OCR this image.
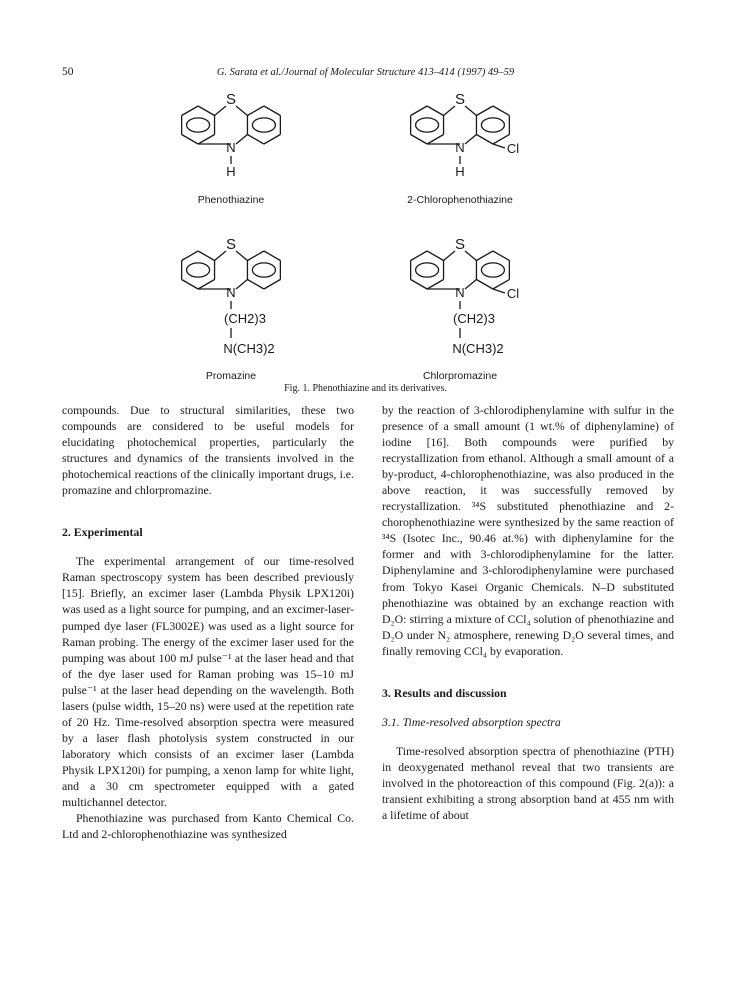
50	G. Sarata et al./Journal of Molecular Structure 413–414 (1997) 49–59
S
N
H
Phenothiazine
S
N	Cl
H
2-Chlorophenothiazine
S
N
(CH2)3
N(CH3)2
Promazine
S
N	Cl
(CH2)3
N(CH3)2
Chlorpromazine
Fig. 1. Phenothiazine and its derivatives.

compounds. Due to structural similarities, these two compounds are considered to be useful models for elucidating photochemical properties, particularly the structures and dynamics of the transients involved in the photochemical reactions of the clinically important drugs, i.e. promazine and chlorpromazine.

2. Experimental

The experimental arrangement of our time-resolved Raman spectroscopy system has been described previously [15]. Briefly, an excimer laser (Lambda Physik LPX120i) was used as a light source for pumping, and an excimer-laser-pumped dye laser (FL3002E) was used as a light source for Raman probing. The energy of the excimer laser used for the pumping was about 100 mJ pulse⁻¹ at the laser head and that of the dye laser used for Raman probing was 15–10 mJ pulse⁻¹ at the laser head depending on the wavelength. Both lasers (pulse width, 15–20 ns) were used at the repetition rate of 20 Hz. Time-resolved absorption spectra were measured by a laser flash photolysis system constructed in our laboratory which consists of an excimer laser (Lambda Physik LPX120i) for pumping, a xenon lamp for white light, and a 30 cm spectrometer equipped with a gated multichannel detector.

Phenothiazine was purchased from Kanto Chemical Co. Ltd and 2-chlorophenothiazine was synthesized

by the reaction of 3-chlorodiphenylamine with sulfur in the presence of a small amount (1 wt.% of diphenylamine) of iodine [16]. Both compounds were purified by recrystallization from ethanol. Although a small amount of a by-product, 4-chlorophenothiazine, was also produced in the above reaction, it was successfully removed by recrystallization. ³⁴S substituted phenothiazine and 2-chorophenothiazine were synthesized by the same reaction of ³⁴S (Isotec Inc., 90.46 at.%) with diphenylamine for the former and with 3-chlorodiphenylamine for the latter. Diphenylamine and 3-chlorodiphenylamine were purchased from Tokyo Kasei Organic Chemicals. N–D substituted phenothiazine was obtained by an exchange reaction with D₂O: stirring a mixture of CCl₄ solution of phenothiazine and D₂O under N₂ atmosphere, renewing D₂O several times, and finally removing CCl₄ by evaporation.

3. Results and discussion

3.1. Time-resolved absorption spectra

Time-resolved absorption spectra of phenothiazine (PTH) in deoxygenated methanol reveal that two transients are involved in the photoreaction of this compound (Fig. 2(a)): a transient exhibiting a strong absorption band at 455 nm with a lifetime of about
